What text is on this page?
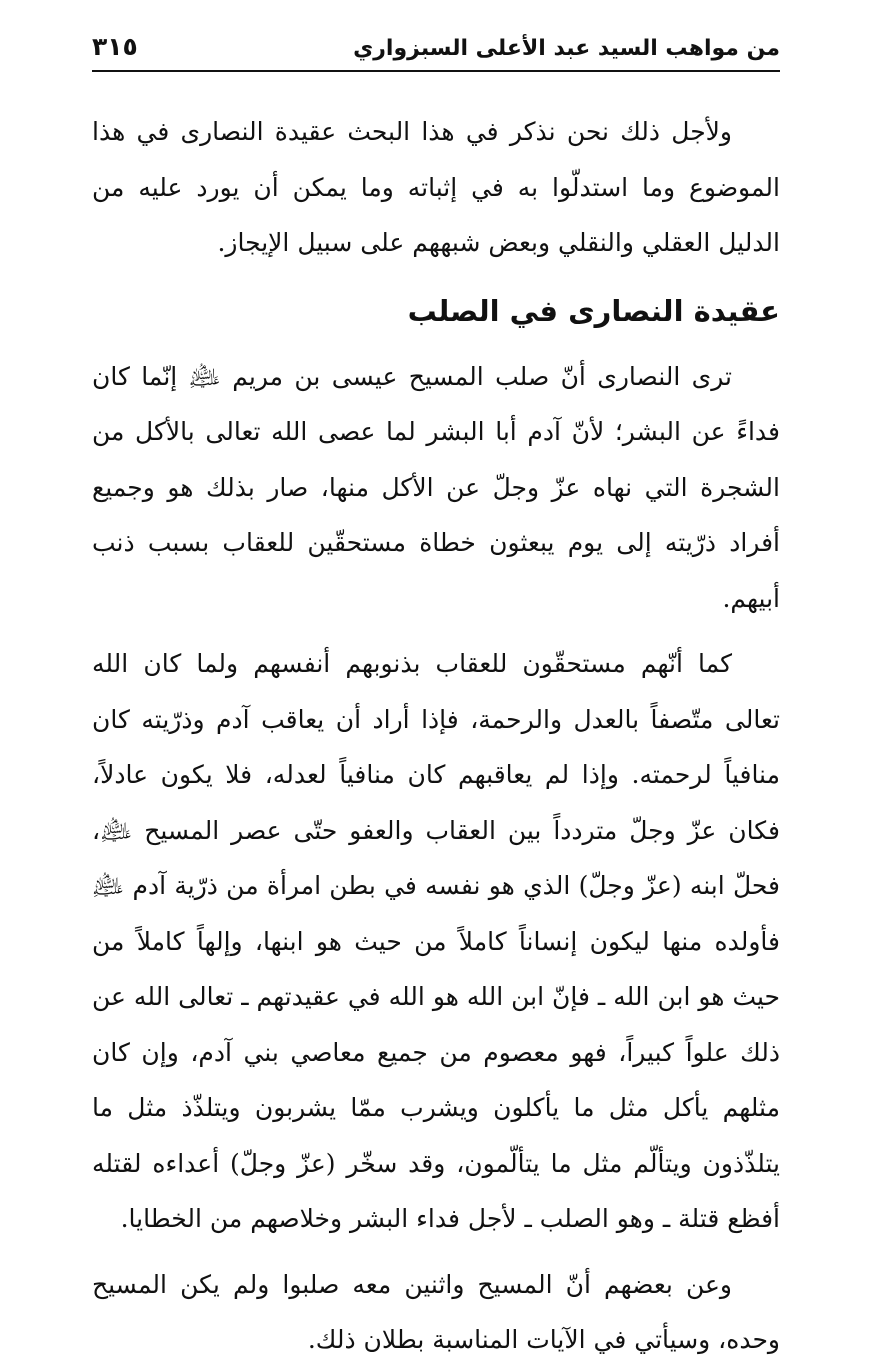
من مواهب السيد عبد الأعلى السبزواري
٣١٥

ولأجل ذلك نحن نذكر في هذا البحث عقيدة النصارى في هذا الموضوع وما استدلّوا به في إثباته وما يمكن أن يورد عليه من الدليل العقلي والنقلي وبعض شبههم على سبيل الإيجاز.

عقيدة النصارى في الصلب

ترى النصارى أنّ صلب المسيح عيسى بن مريم ﵇ إنّما كان فداءً عن البشر؛ لأنّ آدم أبا البشر لما عصى الله تعالى بالأكل من الشجرة التي نهاه عزّ وجلّ عن الأكل منها، صار بذلك هو وجميع أفراد ذرّيته إلى يوم يبعثون خطاة مستحقّين للعقاب بسبب ذنب أبيهم.

كما أنّهم مستحقّون للعقاب بذنوبهم أنفسهم ولما كان الله تعالى متّصفاً بالعدل والرحمة، فإذا أراد أن يعاقب آدم وذرّيته كان منافياً لرحمته. وإذا لم يعاقبهم كان منافياً لعدله، فلا يكون عادلاً، فكان عزّ وجلّ متردداً بين العقاب والعفو حتّى عصر المسيح ﵇، فحلّ ابنه (عزّ وجلّ) الذي هو نفسه في بطن امرأة من ذرّية آدم ﵇ فأولده منها ليكون إنساناً كاملاً من حيث هو ابنها، وإلهاً كاملاً من حيث هو ابن الله ـ فإنّ ابن الله هو الله في عقيدتهم ـ تعالى الله عن ذلك علواً كبيراً، فهو معصوم من جميع معاصي بني آدم، وإن كان مثلهم يأكل مثل ما يأكلون ويشرب ممّا يشربون ويتلذّذ مثل ما يتلذّذون ويتألّم مثل ما يتألّمون، وقد سخّر (عزّ وجلّ) أعداءه لقتله أفظع قتلة ـ وهو الصلب ـ لأجل فداء البشر وخلاصهم من الخطايا.

وعن بعضهم أنّ المسيح واثنين معه صلبوا ولم يكن المسيح وحده، وسيأتي في الآيات المناسبة بطلان ذلك.
